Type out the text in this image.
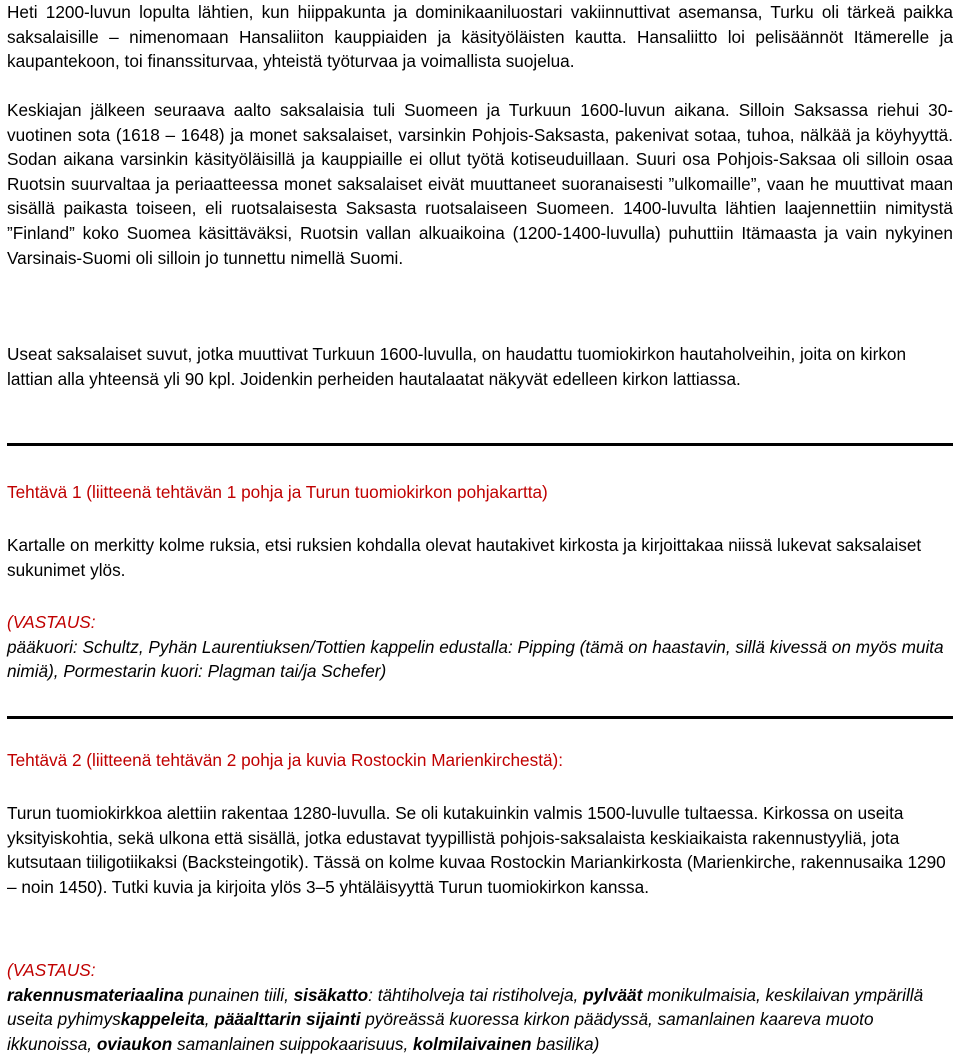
Heti 1200-luvun lopulta lähtien, kun hiippakunta ja dominikaaniluostari vakiinnuttivat asemansa, Turku oli tärkeä paikka saksalaisille – nimenomaan Hansaliiton kauppiaiden ja käsityöläisten kautta. Hansaliitto loi pelisäännöt Itämerelle ja kaupantekoon, toi finanssiturvaa, yhteistä työturvaa ja voimallista suojelua.

Keskiajan jälkeen seuraava aalto saksalaisia tuli Suomeen ja Turkuun 1600-luvun aikana. Silloin Saksassa riehui 30-vuotinen sota (1618 – 1648) ja monet saksalaiset, varsinkin Pohjois-Saksasta, pakenivat sotaa, tuhoa, nälkää ja köyhyyttä. Sodan aikana varsinkin käsityöläisillä ja kauppiaille ei ollut työtä kotiseuduillaan. Suuri osa Pohjois-Saksaa oli silloin osaa Ruotsin suurvaltaa ja periaatteessa monet saksalaiset eivät muuttaneet suoranaisesti ”ulkomaille”, vaan he muuttivat maan sisällä paikasta toiseen, eli ruotsalaisesta Saksasta ruotsalaiseen Suomeen. 1400-luvulta lähtien laajennettiin nimitystä ”Finland” koko Suomea käsittäväksi, Ruotsin vallan alkuaikoina (1200-1400-luvulla) puhuttiin Itämaasta ja vain nykyinen Varsinais-Suomi oli silloin jo tunnettu nimellä Suomi.

Useat saksalaiset suvut, jotka muuttivat Turkuun 1600-luvulla, on haudattu tuomiokirkon hautaholveihin, joita on kirkon lattian alla yhteensä yli 90 kpl. Joidenkin perheiden hautalaatat näkyvät edelleen kirkon lattiassa.

Tehtävä 1 (liitteenä tehtävän 1 pohja ja Turun tuomiokirkon pohjakartta)

Kartalle on merkitty kolme ruksia, etsi ruksien kohdalla olevat hautakivet kirkosta ja kirjoittakaa niissä lukevat saksalaiset sukunimet ylös.

(VASTAUS:

pääkuori: Schultz, Pyhän Laurentiuksen/Tottien kappelin edustalla: Pipping (tämä on haastavin, sillä kivessä on myös muita nimiä), Pormestarin kuori: Plagman tai/ja Schefer)

Tehtävä 2 (liitteenä tehtävän 2 pohja ja kuvia Rostockin Marienkirchestä):

Turun tuomiokirkkoa alettiin rakentaa 1280-luvulla. Se oli kutakuinkin valmis 1500-luvulle tultaessa. Kirkossa on useita yksityiskohtia, sekä ulkona että sisällä, jotka edustavat tyypillistä pohjois-saksalaista keskiaikaista rakennustyyliä, jota kutsutaan tiiligotiikaksi (Backsteingotik). Tässä on kolme kuvaa Rostockin Mariankirkosta (Marienkirche, rakennusaika 1290 – noin 1450). Tutki kuvia ja kirjoita ylös 3–5 yhtäläisyyttä Turun tuomiokirkon kanssa.

(VASTAUS:

rakennusmateriaalina punainen tiili, sisäkatto: tähtiholveja tai ristiholveja, pylväät monikulmaisia, keskilaivan ympärillä useita pyhimyskappeleita, pääalttarin sijainti pyöreässä kuoressa kirkon päädyssä, samanlainen kaareva muoto ikkunoissa, oviaukon samanlainen suippokaarisuus, kolmilaivainen basilika)
